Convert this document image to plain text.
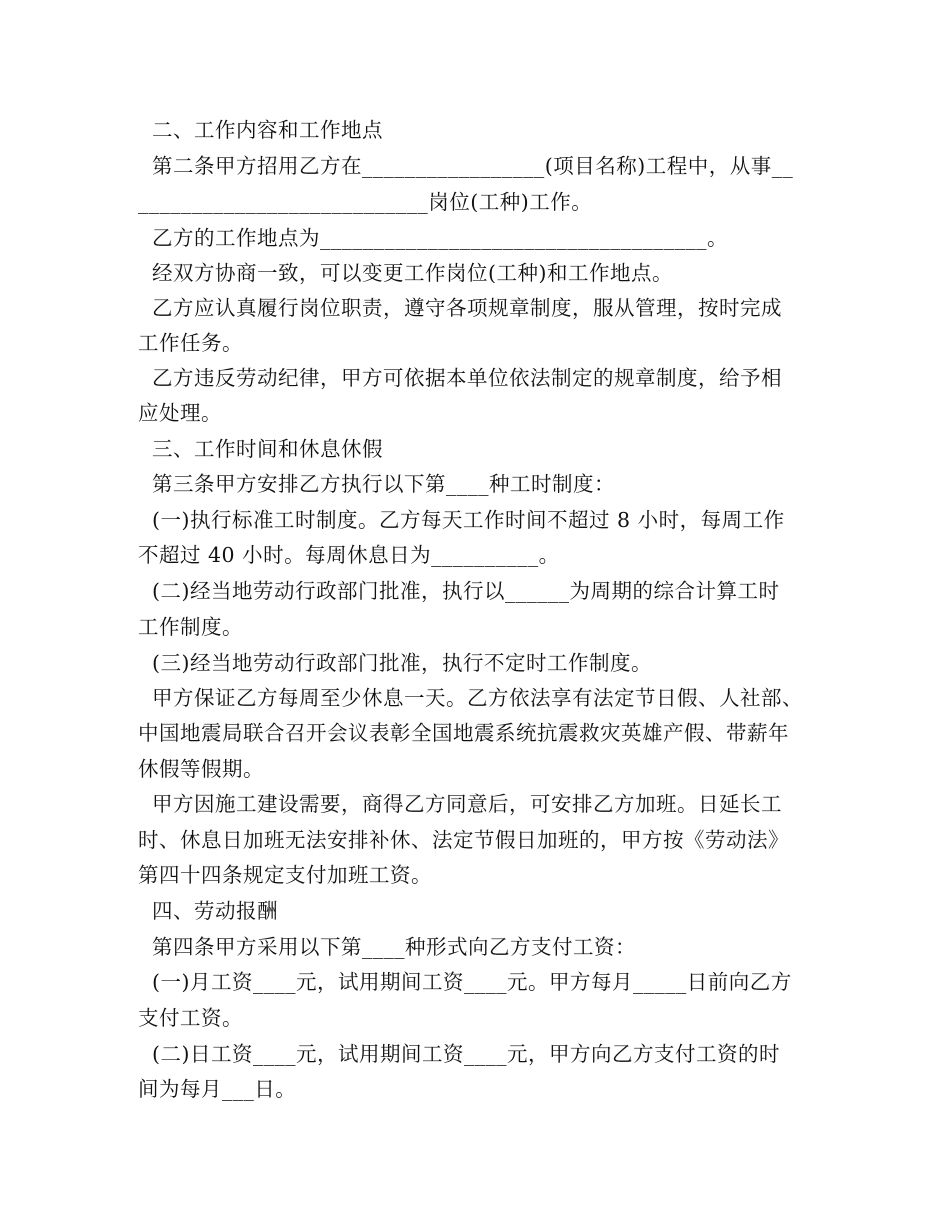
二、工作内容和工作地点
第二条甲方招用乙方在_________________(项目名称)工程中，从事__
___________________________岗位(工种)工作。
乙方的工作地点为____________________________________。
经双方协商一致，可以变更工作岗位(工种)和工作地点。
乙方应认真履行岗位职责，遵守各项规章制度，服从管理，按时完成
工作任务。
乙方违反劳动纪律，甲方可依据本单位依法制定的规章制度，给予相
应处理。
三、工作时间和休息休假
第三条甲方安排乙方执行以下第____种工时制度：
(一)执行标准工时制度。乙方每天工作时间不超过 8 小时，每周工作
不超过 40 小时。每周休息日为__________。
(二)经当地劳动行政部门批准，执行以______为周期的综合计算工时
工作制度。
(三)经当地劳动行政部门批准，执行不定时工作制度。
甲方保证乙方每周至少休息一天。乙方依法享有法定节日假、人社部、
中国地震局联合召开会议表彰全国地震系统抗震救灾英雄产假、带薪年
休假等假期。
甲方因施工建设需要，商得乙方同意后，可安排乙方加班。日延长工
时、休息日加班无法安排补休、法定节假日加班的，甲方按《劳动法》
第四十四条规定支付加班工资。
四、劳动报酬
第四条甲方采用以下第____种形式向乙方支付工资：
(一)月工资____元，试用期间工资____元。甲方每月_____日前向乙方
支付工资。
(二)日工资____元，试用期间工资____元，甲方向乙方支付工资的时
间为每月___日。
